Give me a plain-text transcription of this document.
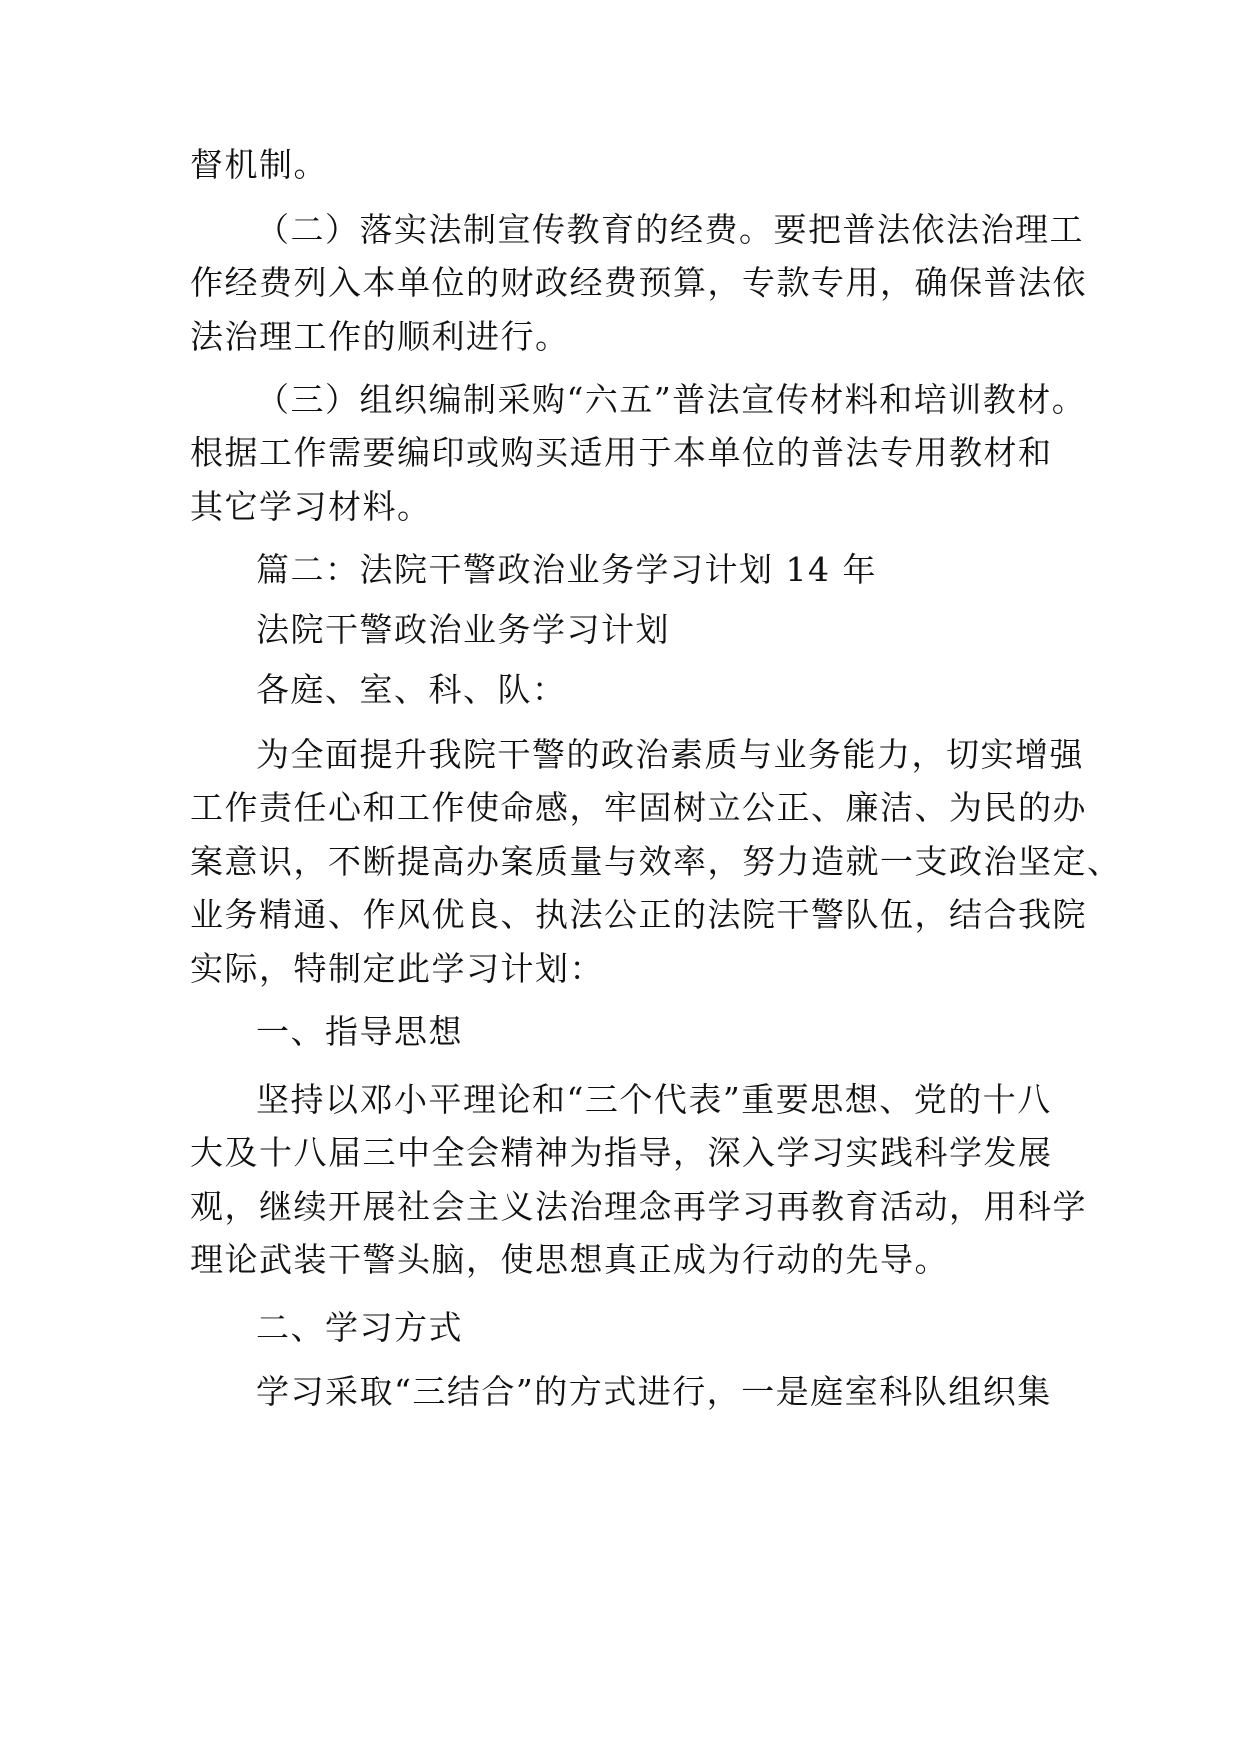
督机制。
（二）落实法制宣传教育的经费。要把普法依法治理工
作经费列入本单位的财政经费预算，专款专用，确保普法依
法治理工作的顺利进行。
（三）组织编制采购“六五”普法宣传材料和培训教材。
根据工作需要编印或购买适用于本单位的普法专用教材和
其它学习材料。
篇二：法院干警政治业务学习计划 14 年
法院干警政治业务学习计划
各庭、室、科、队：
为全面提升我院干警的政治素质与业务能力，切实增强
工作责任心和工作使命感，牢固树立公正、廉洁、为民的办
案意识，不断提高办案质量与效率，努力造就一支政治坚定、
业务精通、作风优良、执法公正的法院干警队伍，结合我院
实际，特制定此学习计划：
一、指导思想
坚持以邓小平理论和“三个代表”重要思想、党的十八
大及十八届三中全会精神为指导，深入学习实践科学发展
观，继续开展社会主义法治理念再学习再教育活动，用科学
理论武装干警头脑，使思想真正成为行动的先导。
二、学习方式
学习采取“三结合”的方式进行，一是庭室科队组织集
